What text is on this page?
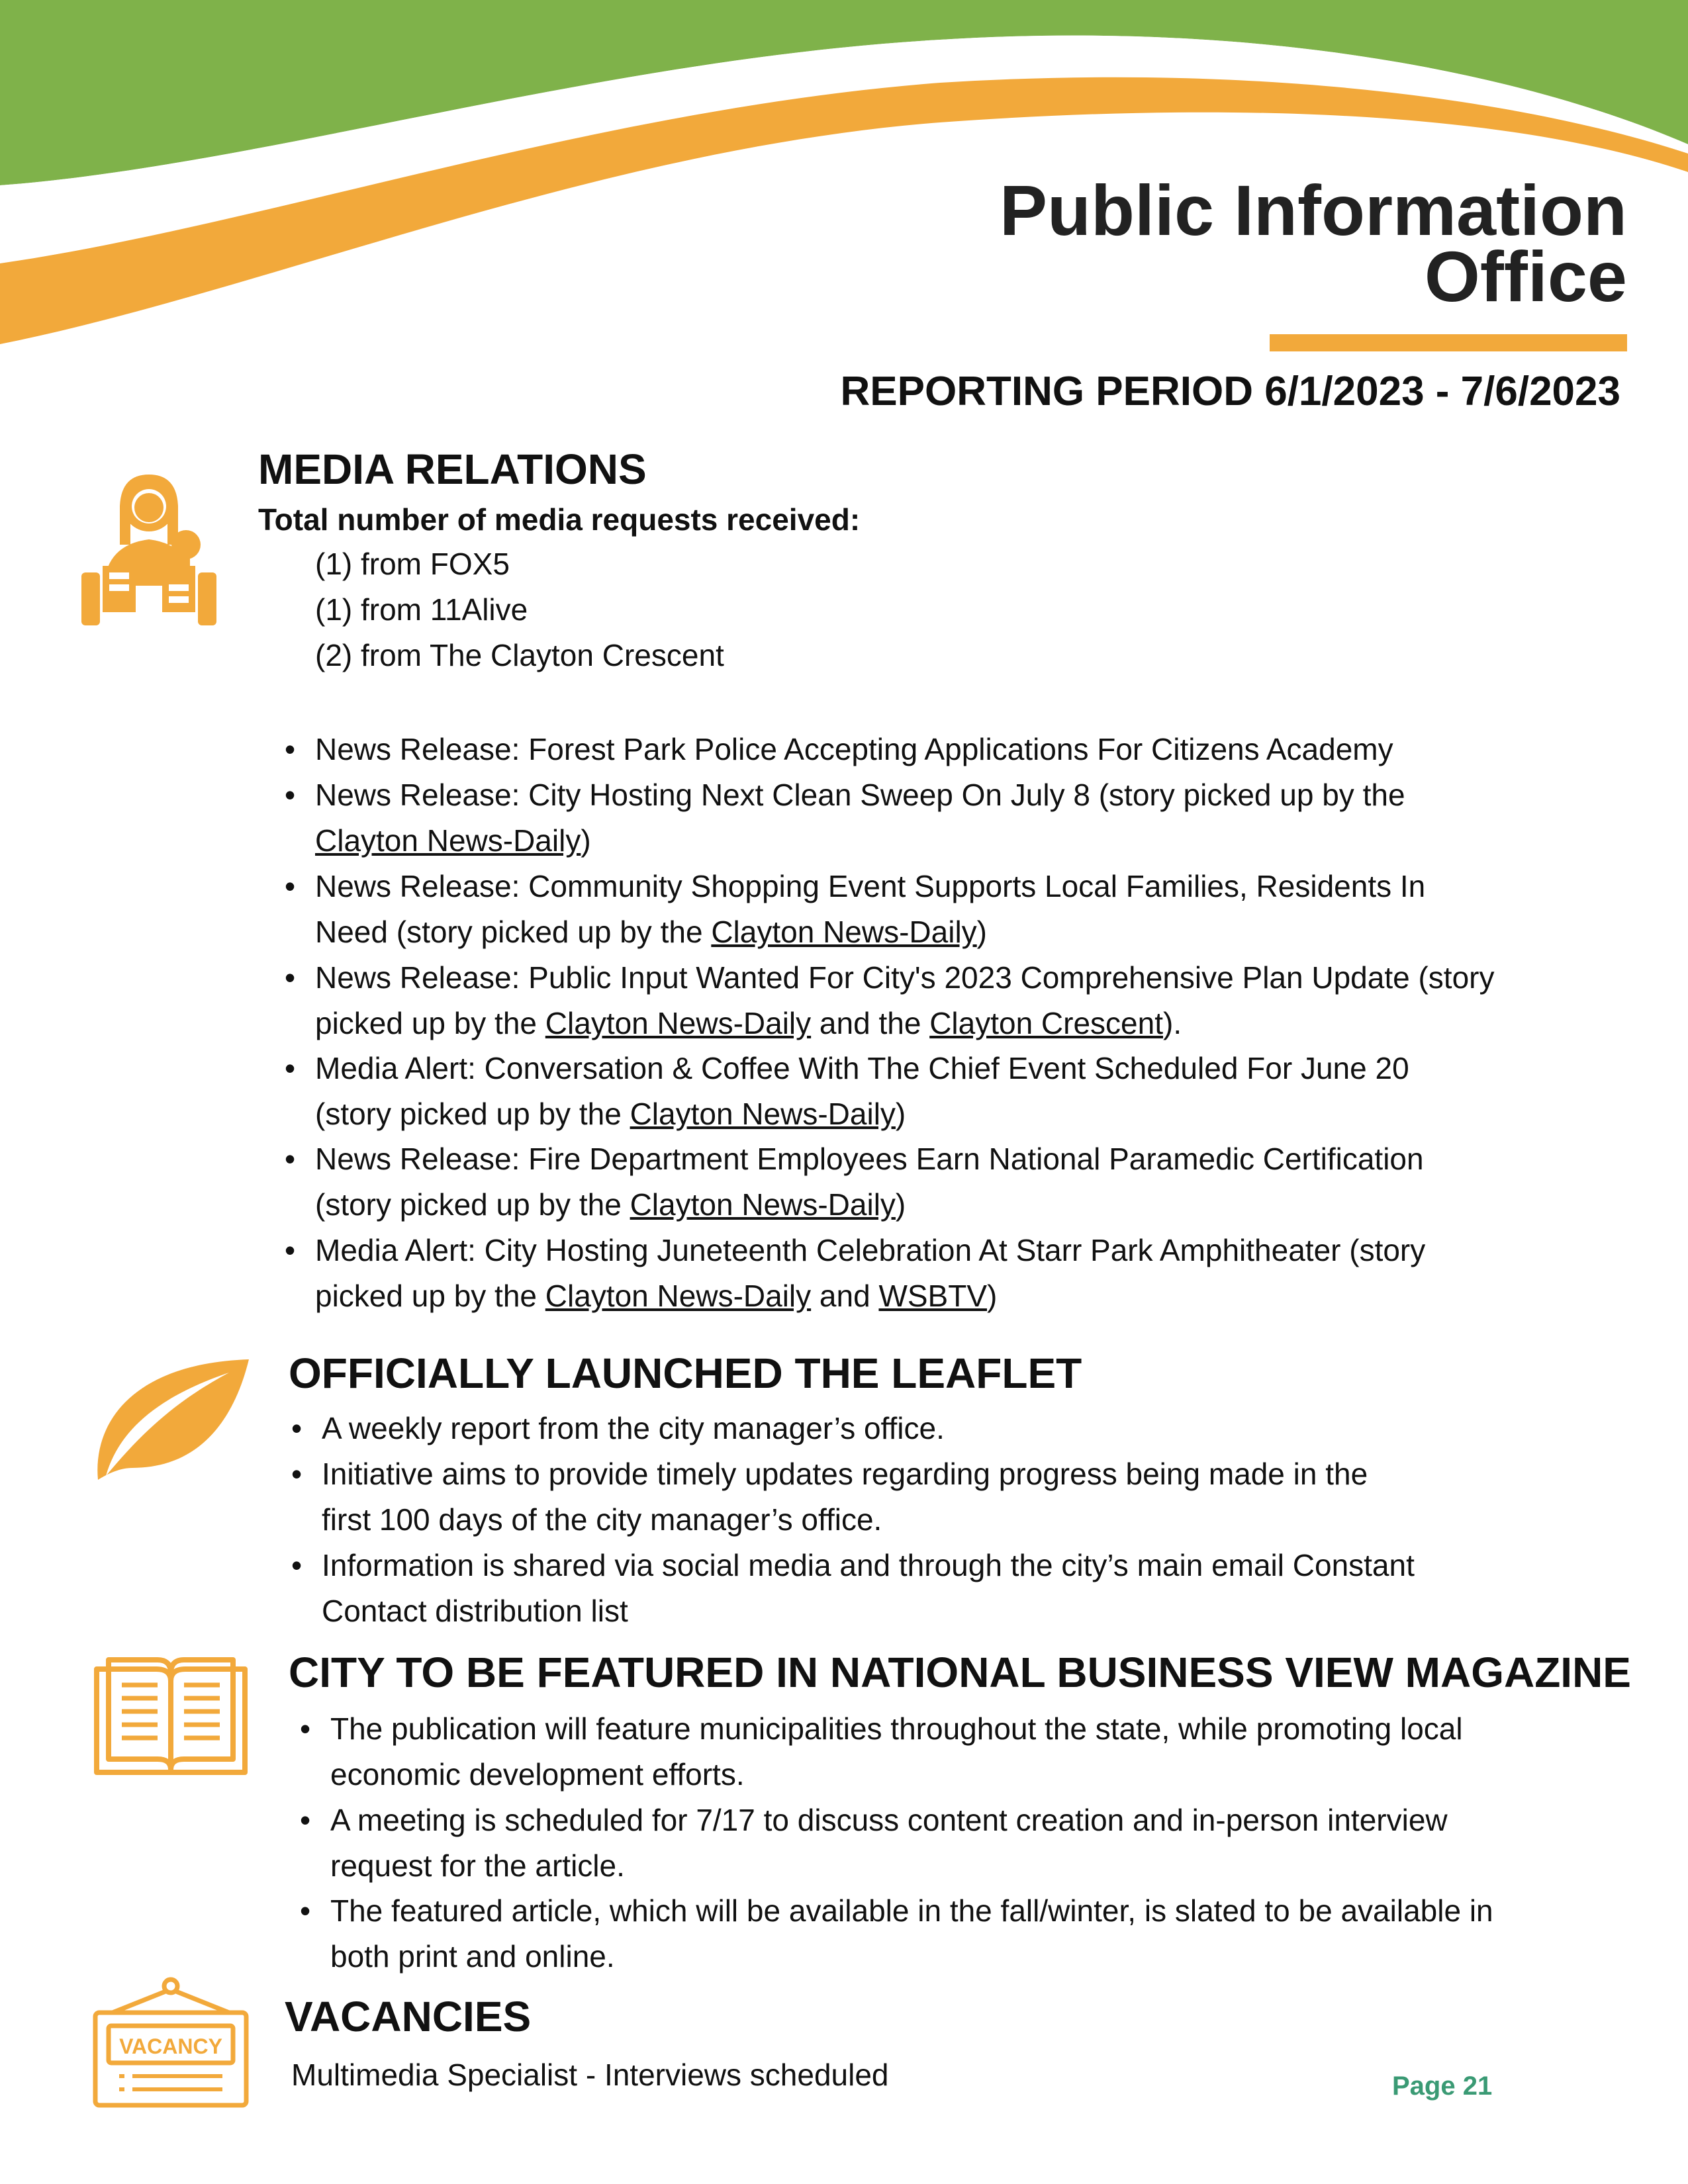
Public Information
Office
REPORTING PERIOD 6/1/2023 - 7/6/2023
MEDIA RELATIONS
Total number of media requests received:
(1) from FOX5
(1) from 11Alive
(2) from The Clayton Crescent
• News Release: Forest Park Police Accepting Applications For Citizens Academy
• News Release: City Hosting Next Clean Sweep On July 8 (story picked up by the
Clayton News-Daily)
• News Release: Community Shopping Event Supports Local Families, Residents In
Need (story picked up by the Clayton News-Daily)
• News Release: Public Input Wanted For City's 2023 Comprehensive Plan Update (story
picked up by the Clayton News-Daily and the Clayton Crescent).
• Media Alert: Conversation & Coffee With The Chief Event Scheduled For June 20
(story picked up by the Clayton News-Daily)
• News Release: Fire Department Employees Earn National Paramedic Certification
(story picked up by the Clayton News-Daily)
• Media Alert: City Hosting Juneteenth Celebration At Starr Park Amphitheater (story
picked up by the Clayton News-Daily and WSBTV)
OFFICIALLY LAUNCHED THE LEAFLET
• A weekly report from the city manager’s office.
• Initiative aims to provide timely updates regarding progress being made in the
first 100 days of the city manager’s office.
• Information is shared via social media and through the city’s main email Constant
Contact distribution list
CITY TO BE FEATURED IN NATIONAL BUSINESS VIEW MAGAZINE
• The publication will feature municipalities throughout the state, while promoting local
economic development efforts.
• A meeting is scheduled for 7/17 to discuss content creation and in-person interview
request for the article.
• The featured article, which will be available in the fall/winter, is slated to be available in
both print and online.
VACANCY
VACANCIES
Multimedia Specialist - Interviews scheduled	Page 21
